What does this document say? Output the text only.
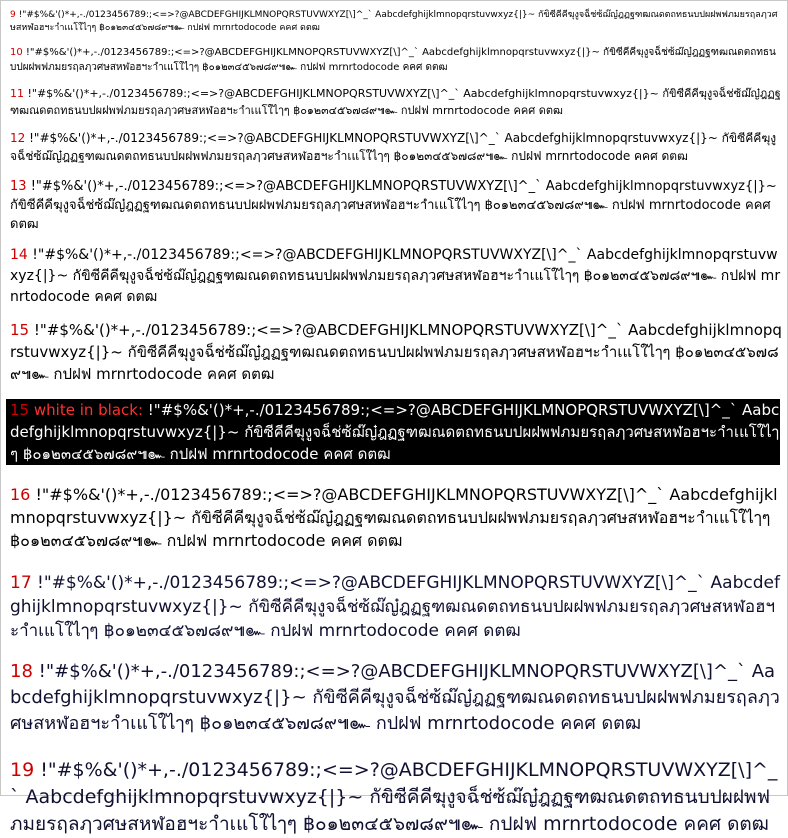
9 !"#$%&'()*+,-./0123456789:;<=>?@ABCDEFGHIJKLMNOPQRSTUVWXYZ[\]^_` Aabcdefghijklmnopqrstuvwxyz{|}~ กัขิซีคีคีฆุงูจฉ็ช่ซ้ฌ๊ญ๋ฎฏฐฑฒณดตถทธนบปผฝพฟภมยรฤลฦวศษสหฬอฮฯะาำเแโใไๅๆ ฿๐๑๒๓๔๕๖๗๘๙๚๛ กปฝฟ mrnrtodocode คคศ ดตฒ
10 !"#$%&'()*+,-./0123456789:;<=>?@ABCDEFGHIJKLMNOPQRSTUVWXYZ[\]^_` Aabcdefghijklmnopqrstuvwxyz{|}~ กัขิซีคีคีฆุงูจฉ็ช่ซ้ฌ๊ญ๋ฎฏฐฑฒณดตถทธนบปผฝพฟภมยรฤลฦวศษสหฬอฮฯะาำเแโใไๅๆ ฿๐๑๒๓๔๕๖๗๘๙๚๛ กปฝฟ mrnrtodocode คคศ ดตฒ
11 !"#$%&'()*+,-./0123456789:;<=>?@ABCDEFGHIJKLMNOPQRSTUVWXYZ[\]^_` Aabcdefghijklmnopqrstuvwxyz{|}~ กัขิซีคีคีฆุงูจฉ็ช่ซ้ฌ๊ญ๋ฎฏฐฑฒณดตถทธนบปผฝพฟภมยรฤลฦวศษสหฬอฮฯะาำเแโใไๅๆ ฿๐๑๒๓๔๕๖๗๘๙๚๛ กปฝฟ mrnrtodocode คคศ ดตฒ
12 !"#$%&'()*+,-./0123456789:;<=>?@ABCDEFGHIJKLMNOPQRSTUVWXYZ[\]^_` Aabcdefghijklmnopqrstuvwxyz{|}~ กัขิซีคีคีฆุงูจฉ็ช่ซ้ฌ๊ญ๋ฎฏฐฑฒณดตถทธนบปผฝพฟภมยรฤลฦวศษสหฬอฮฯะาำเแโใไๅๆ ฿๐๑๒๓๔๕๖๗๘๙๚๛ กปฝฟ mrnrtodocode คคศ ดตฒ
13 !"#$%&'()*+,-./0123456789:;<=>?@ABCDEFGHIJKLMNOPQRSTUVWXYZ[\]^_` Aabcdefghijklmnopqrstuvwxyz{|}~ กัขิซีคีคีฆุงูจฉ็ช่ซ้ฌ๊ญ๋ฎฏฐฑฒณดตถทธนบปผฝพฟภมยรฤลฦวศษสหฬอฮฯะาำเแโใไๅๆ ฿๐๑๒๓๔๕๖๗๘๙๚๛ กปฝฟ mrnrtodocode คคศ ดตฒ
14 !"#$%&'()*+,-./0123456789:;<=>?@ABCDEFGHIJKLMNOPQRSTUVWXYZ[\]^_` Aabcdefghijklmnopqrstuvwxyz{|}~ กัขิซีคีคีฆุงูจฉ็ช่ซ้ฌ๊ญ๋ฎฏฐฑฒณดตถทธนบปผฝพฟภมยรฤลฦวศษสหฬอฮฯะาำเแโใไๅๆ ฿๐๑๒๓๔๕๖๗๘๙๚๛ กปฝฟ mrnrtodocode คคศ ดตฒ
15 !"#$%&'()*+,-./0123456789:;<=>?@ABCDEFGHIJKLMNOPQRSTUVWXYZ[\]^_` Aabcdefghijklmnopqrstuvwxyz{|}~ กัขิซีคีคีฆุงูจฉ็ช่ซ้ฌ๊ญ๋ฎฏฐฑฒณดตถทธนบปผฝพฟภมยรฤลฦวศษสหฬอฮฯะาำเแโใไๅๆ ฿๐๑๒๓๔๕๖๗๘๙๚๛ กปฝฟ mrnrtodocode คคศ ดตฒ
15 white in black: !"#$%&'()*+,-./0123456789:;<=>?@ABCDEFGHIJKLMNOPQRSTUVWXYZ[\]^_` Aabcdefghijklmnopqrstuvwxyz{|}~ กัขิซีคีคีฆุงูจฉ็ช่ซ้ฌ๊ญ๋ฎฏฐฑฒณดตถทธนบปผฝพฟภมยรฤลฦวศษสหฬอฮฯะาำเแโใไๅๆ ฿๐๑๒๓๔๕๖๗๘๙๚๛ กปฝฟ mrnrtodocode คคศ ดตฒ
16 !"#$%&'()*+,-./0123456789:;<=>?@ABCDEFGHIJKLMNOPQRSTUVWXYZ[\]^_` Aabcdefghijklmnopqrstuvwxyz{|}~ กัขิซีคีคีฆุงูจฉ็ช่ซ้ฌ๊ญ๋ฎฏฐฑฒณดตถทธนบปผฝพฟภมยรฤลฦวศษสหฬอฮฯะาำเแโใไๅๆ ฿๐๑๒๓๔๕๖๗๘๙๚๛ กปฝฟ mrnrtodocode คคศ ดตฒ
17 !"#$%&'()*+,-./0123456789:;<=>?@ABCDEFGHIJKLMNOPQRSTUVWXYZ[\]^_` Aabcdefghijklmnopqrstuvwxyz{|}~ กัขิซีคีคีฆุงูจฉ็ช่ซ้ฌ๊ญ๋ฎฏฐฑฒณดตถทธนบปผฝพฟภมยรฤลฦวศษสหฬอฮฯะาำเแโใไๅๆ ฿๐๑๒๓๔๕๖๗๘๙๚๛ กปฝฟ mrnrtodocode คคศ ดตฒ
18 !"#$%&'()*+,-./0123456789:;<=>?@ABCDEFGHIJKLMNOPQRSTUVWXYZ[\]^_` Aabcdefghijklmnopqrstuvwxyz{|}~ กัขิซีคีคีฆุงูจฉ็ช่ซ้ฌ๊ญ๋ฎฏฐฑฒณดตถทธนบปผฝพฟภมยรฤลฦวศษสหฬอฮฯะาำเแโใไๅๆ ฿๐๑๒๓๔๕๖๗๘๙๚๛ กปฝฟ mrnrtodocode คคศ ดตฒ
19 !"#$%&'()*+,-./0123456789:;<=>?@ABCDEFGHIJKLMNOPQRSTUVWXYZ[\]^_` Aabcdefghijklmnopqrstuvwxyz{|}~ กัขิซีคีคีฆุงูจฉ็ช่ซ้ฌ๊ญ๋ฎฏฐฑฒณดตถทธนบปผฝพฟภมยรฤลฦวศษสหฬอฮฯะาำเแโใไๅๆ ฿๐๑๒๓๔๕๖๗๘๙๚๛ กปฝฟ mrnrtodocode คคศ ดตฒ
